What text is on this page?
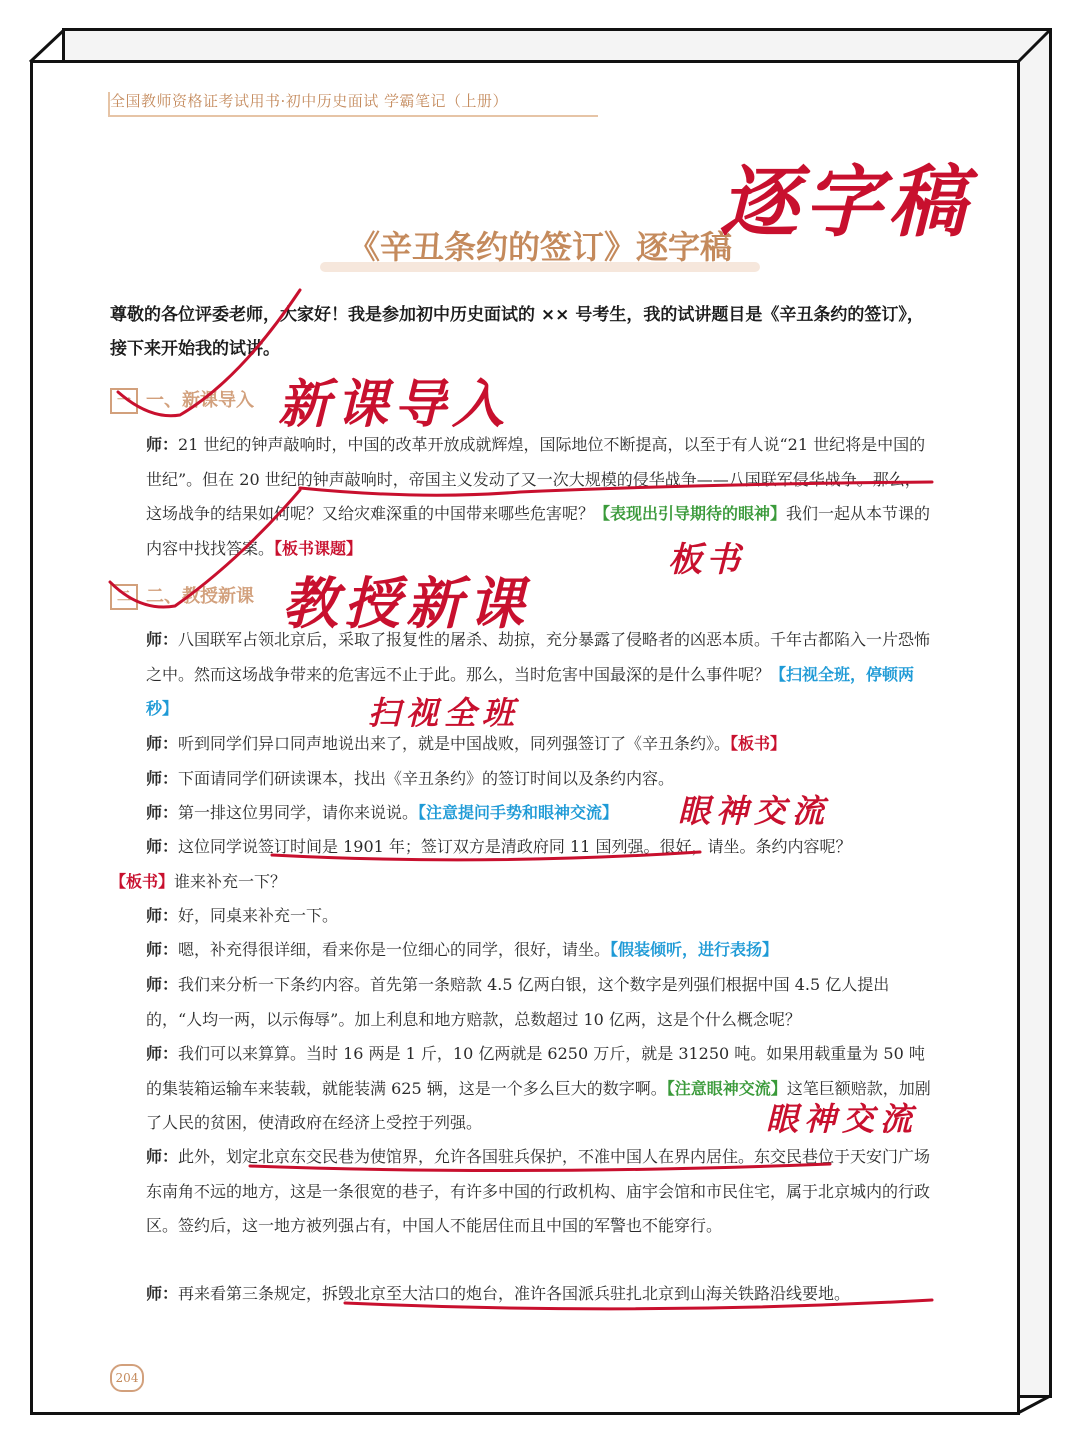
全国教师资格证考试用书·初中历史面试 学霸笔记（上册）
逐字稿
《辛丑条约的签订》逐字稿
尊敬的各位评委老师，大家好！我是参加初中历史面试的 ×× 号考生，我的试讲题目是《辛丑条约的签订》，接下来开始我的试讲。
一 一、新课导入 新课导入
师：21 世纪的钟声敲响时，中国的改革开放成就辉煌，国际地位不断提高，以至于有人说“21 世纪将是中国的世纪”。但在 20 世纪的钟声敲响时，帝国主义发动了又一次大规模的侵华战争——八国联军侵华战争。那么，这场战争的结果如何呢？又给灾难深重的中国带来哪些危害呢？【表现出引导期待的眼神】我们一起从本节课的内容中找找答案。【板书课题】	板书
二 二、教授新课 教授新课
师：八国联军占领北京后，采取了报复性的屠杀、劫掠，充分暴露了侵略者的凶恶本质。千年古都陷入一片恐怖之中。然而这场战争带来的危害远不止于此。那么，当时危害中国最深的是什么事件呢？【扫视全班，停顿两秒】	扫视全班
师：听到同学们异口同声地说出来了，就是中国战败，同列强签订了《辛丑条约》。【板书】
师：下面请同学们研读课本，找出《辛丑条约》的签订时间以及条约内容。
师：第一排这位男同学，请你来说说。【注意提问手势和眼神交流】	眼神交流
师：这位同学说签订时间是 1901 年；签订双方是清政府同 11 国列强。很好，请坐。条约内容呢？
【板书】谁来补充一下？
师：好，同桌来补充一下。
师：嗯，补充得很详细，看来你是一位细心的同学，很好，请坐。【假装倾听，进行表扬】
师：我们来分析一下条约内容。首先第一条赔款 4.5 亿两白银，这个数字是列强们根据中国 4.5 亿人提出的，“人均一两，以示侮辱”。加上利息和地方赔款，总数超过 10 亿两，这是个什么概念呢？
师：我们可以来算算。当时 16 两是 1 斤，10 亿两就是 6250 万斤，就是 31250 吨。如果用载重量为 50 吨的集装箱运输车来装载，就能装满 625 辆，这是一个多么巨大的数字啊。【注意眼神交流】这笔巨额赔款，加剧了人民的贫困，使清政府在经济上受控于列强。	眼神交流
师：此外，划定北京东交民巷为使馆界，允许各国驻兵保护，不准中国人在界内居住。东交民巷位于天安门广场东南角不远的地方，这是一条很宽的巷子，有许多中国的行政机构、庙宇会馆和市民住宅，属于北京城内的行政区。签约后，这一地方被列强占有，中国人不能居住而且中国的军警也不能穿行。
师：再来看第三条规定，拆毁北京至大沽口的炮台，准许各国派兵驻扎北京到山海关铁路沿线要地。
204
